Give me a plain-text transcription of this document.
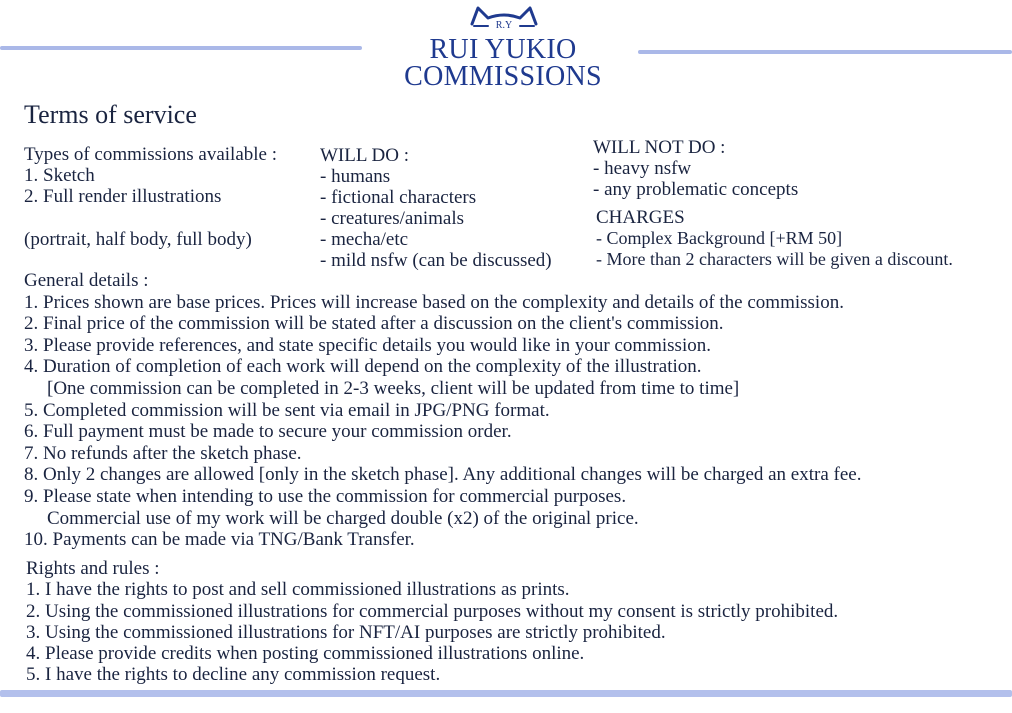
R.Y
RUI YUKIO
COMMISSIONS
Terms of service
Types of commissions available :
1. Sketch
2. Full render illustrations
(portrait, half body, full body)
WILL DO :
- humans
- fictional characters
- creatures/animals
- mecha/etc
- mild nsfw (can be discussed)
WILL NOT DO :
- heavy nsfw
- any problematic concepts
CHARGES
- Complex Background [+RM 50]
- More than 2 characters will be given a discount.
General details :
1. Prices shown are base prices. Prices will increase based on the complexity and details of the commission.
2. Final price of the commission will be stated after a discussion on the client's commission.
3. Please provide references, and state specific details you would like in your commission.
4. Duration of completion of each work will depend on the complexity of the illustration.
[One commission can be completed in 2-3 weeks, client will be updated from time to time]
5. Completed commission will be sent via email in JPG/PNG format.
6. Full payment must be made to secure your commission order.
7. No refunds after the sketch phase.
8. Only 2 changes are allowed [only in the sketch phase]. Any additional changes will be charged an extra fee.
9. Please state when intending to use the commission for commercial purposes.
Commercial use of my work will be charged double (x2) of the original price.
10. Payments can be made via TNG/Bank Transfer.
Rights and rules :
1. I have the rights to post and sell commissioned illustrations as prints.
2. Using the commissioned illustrations for commercial purposes without my consent is strictly prohibited.
3. Using the commissioned illustrations for NFT/AI purposes are strictly prohibited.
4. Please provide credits when posting commissioned illustrations online.
5. I have the rights to decline any commission request.
